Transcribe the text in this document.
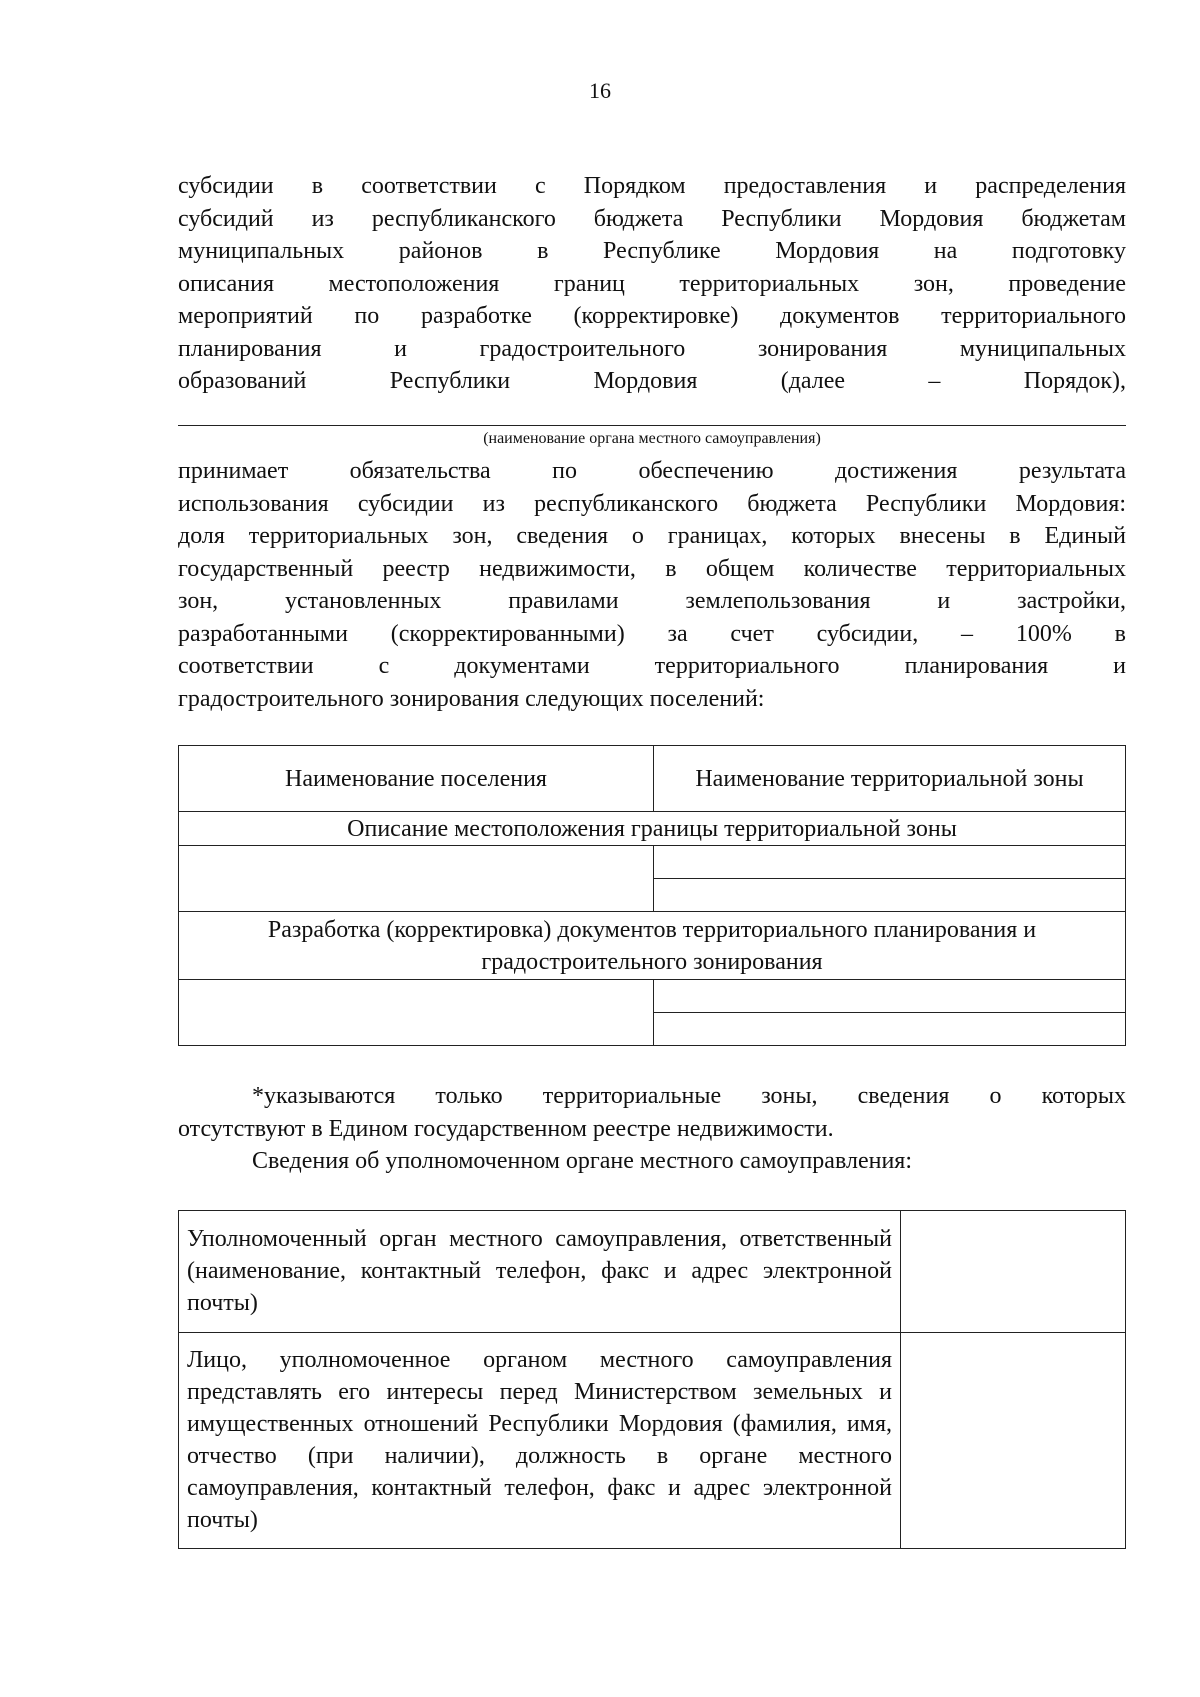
16
субсидии в соответствии с Порядком предоставления и распределения
субсидий из республиканского бюджета Республики Мордовия бюджетам
муниципальных районов в Республике Мордовия на подготовку
описания местоположения границ территориальных зон, проведение
мероприятий по разработке (корректировке) документов территориального
планирования и градостроительного зонирования муниципальных
образований Республики Мордовия (далее – Порядок),
(наименование органа местного самоуправления)
принимает обязательства по обеспечению достижения результата
использования субсидии из республиканского бюджета Республики Мордовия:
доля территориальных зон, сведения о границах, которых внесены в Единый
государственный реестр недвижимости, в общем количестве территориальных
зон, установленных правилами землепользования и застройки,
разработанными (скорректированными) за счет субсидии, – 100% в
соответствии с документами территориального планирования и
градостроительного зонирования следующих поселений:
Наименование поселения	Наименование территориальной зоны
Описание местоположения границы территориальной зоны	

Разработка (корректировка) документов территориального планирования и градостроительного зонирования	

*указываются только территориальные зоны, сведения о которых
отсутствуют в Едином государственном реестре недвижимости.
Сведения об уполномоченном органе местного самоуправления:
Уполномоченный орган местного самоуправления, ответственный (наименование, контактный телефон, факс и адрес электронной почты)	
Лицо, уполномоченное органом местного самоуправления представлять его интересы перед Министерством земельных и имущественных отношений Республики Мордовия (фамилия, имя, отчество (при наличии), должность в органе местного самоуправления, контактный телефон, факс и адрес электронной почты)	
